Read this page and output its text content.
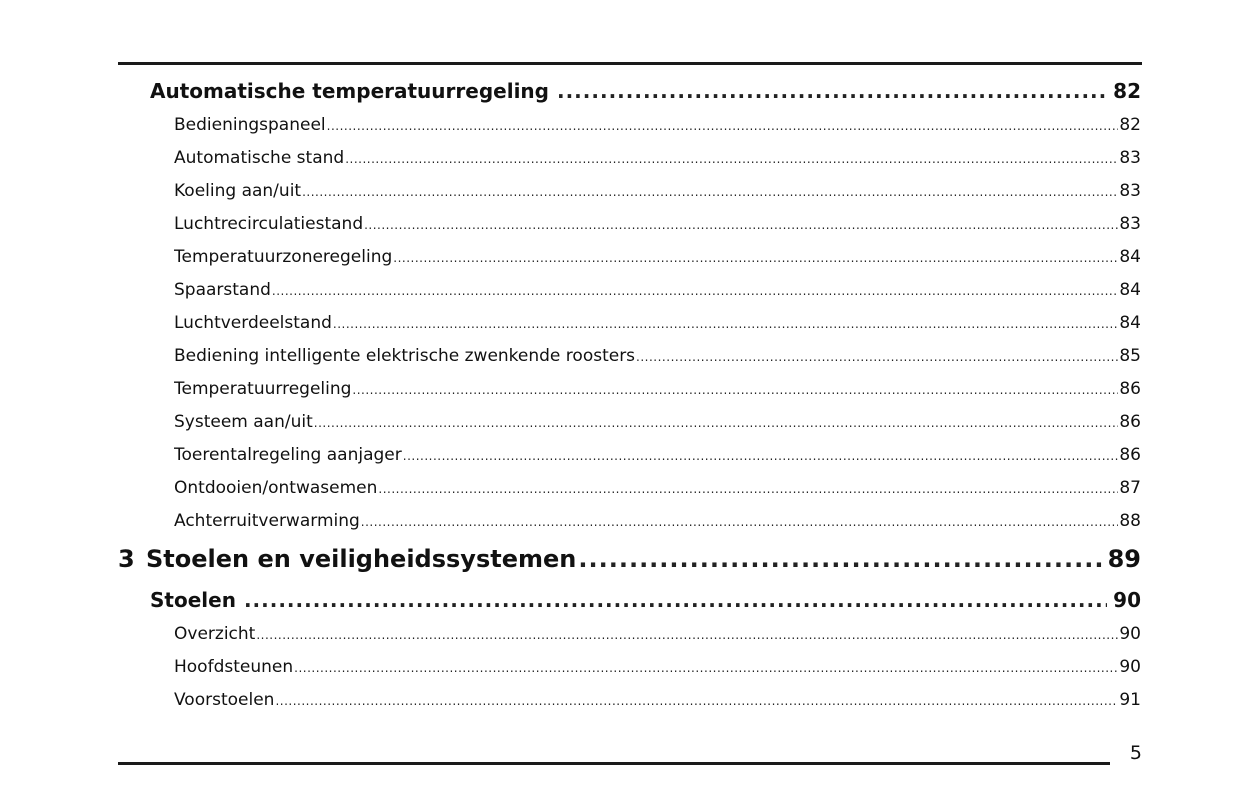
Automatische temperatuurregeling .....	82
Bedieningspaneel .....	82
Automatische stand .....	83
Koeling aan/uit .....	83
Luchtrecirculatiestand .....	83
Temperatuurzoneregeling .....	84
Spaarstand .....	84
Luchtverdeelstand .....	84
Bediening intelligente elektrische zwenkende roosters .....	85
Temperatuurregeling .....	86
Systeem aan/uit .....	86
Toerentalregeling aanjager .....	86
Ontdooien/ontwasemen .....	87
Achterruitverwarming .....	88
3 Stoelen en veiligheidssystemen .....	89
Stoelen .....	90
Overzicht .....	90
Hoofdsteunen .....	90
Voorstoelen .....	91
5
